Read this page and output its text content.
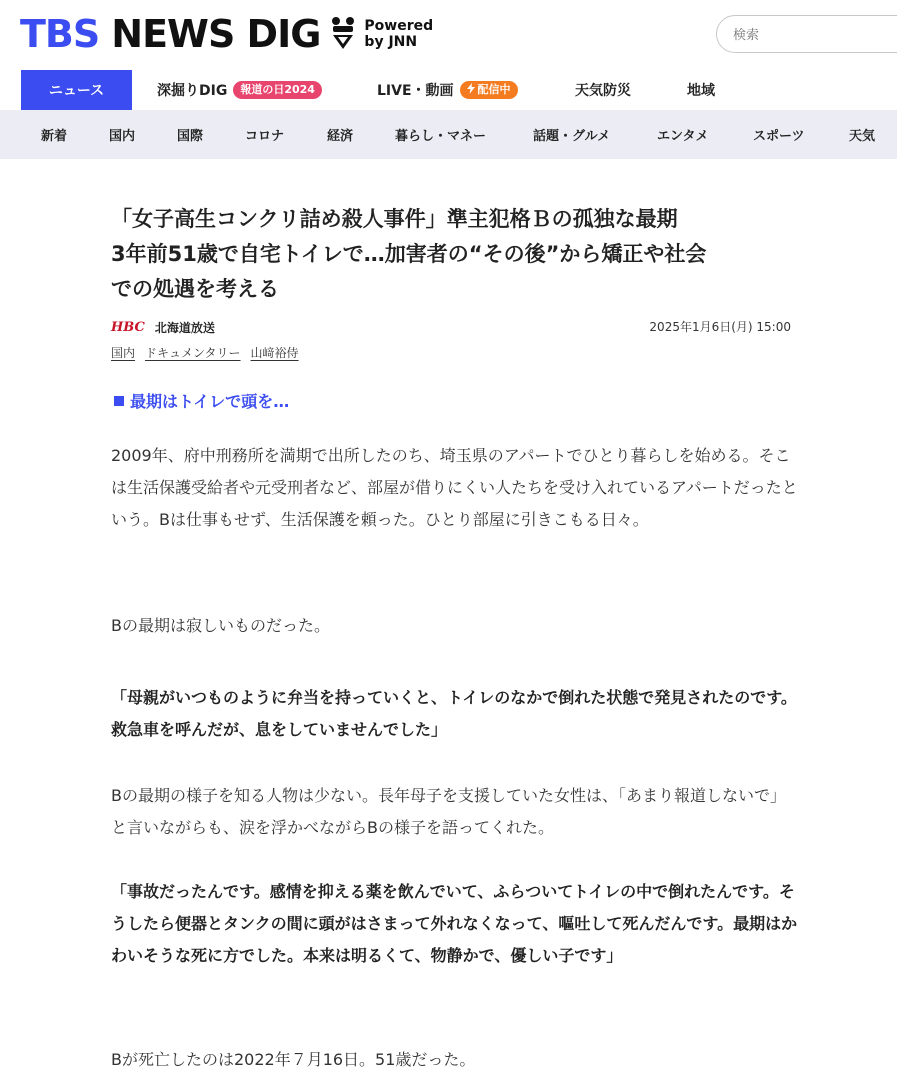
TBS NEWS DIG	Powered
by JNN
検索
ニュース	深掘りDIG	報道の日2024	LIVE・動画	配信中	天気防災	地域
新着	国内	国際	コロナ	経済	暮らし・マネー	話題・グルメ	エンタメ	スポーツ	天気
「女子高生コンクリ詰め殺人事件」準主犯格Ｂの孤独な最期
3年前51歳で自宅トイレで…加害者の“その後”から矯正や社会
での処遇を考える
HBC 北海道放送	2025年1月6日(月) 15:00
国内 ドキュメンタリー 山﨑裕侍
最期はトイレで頭を…

2009年、府中刑務所を満期で出所したのち、埼玉県のアパートでひとり暮らしを始める。そこは生活保護受給者や元受刑者など、部屋が借りにくい人たちを受け入れているアパートだったという。Bは仕事もせず、生活保護を頼った。ひとり部屋に引きこもる日々。

Bの最期は寂しいものだった。

「母親がいつものように弁当を持っていくと、トイレのなかで倒れた状態で発見されたのです。救急車を呼んだが、息をしていませんでした」

Bの最期の様子を知る人物は少ない。長年母子を支援していた女性は、「あまり報道しないで」と言いながらも、涙を浮かべながらBの様子を語ってくれた。

「事故だったんです。感情を抑える薬を飲んでいて、ふらついてトイレの中で倒れたんです。そうしたら便器とタンクの間に頭がはさまって外れなくなって、嘔吐して死んだんです。最期はかわいそうな死に方でした。本来は明るくて、物静かで、優しい子です」

Bが死亡したのは2022年７月16日。51歳だった。
